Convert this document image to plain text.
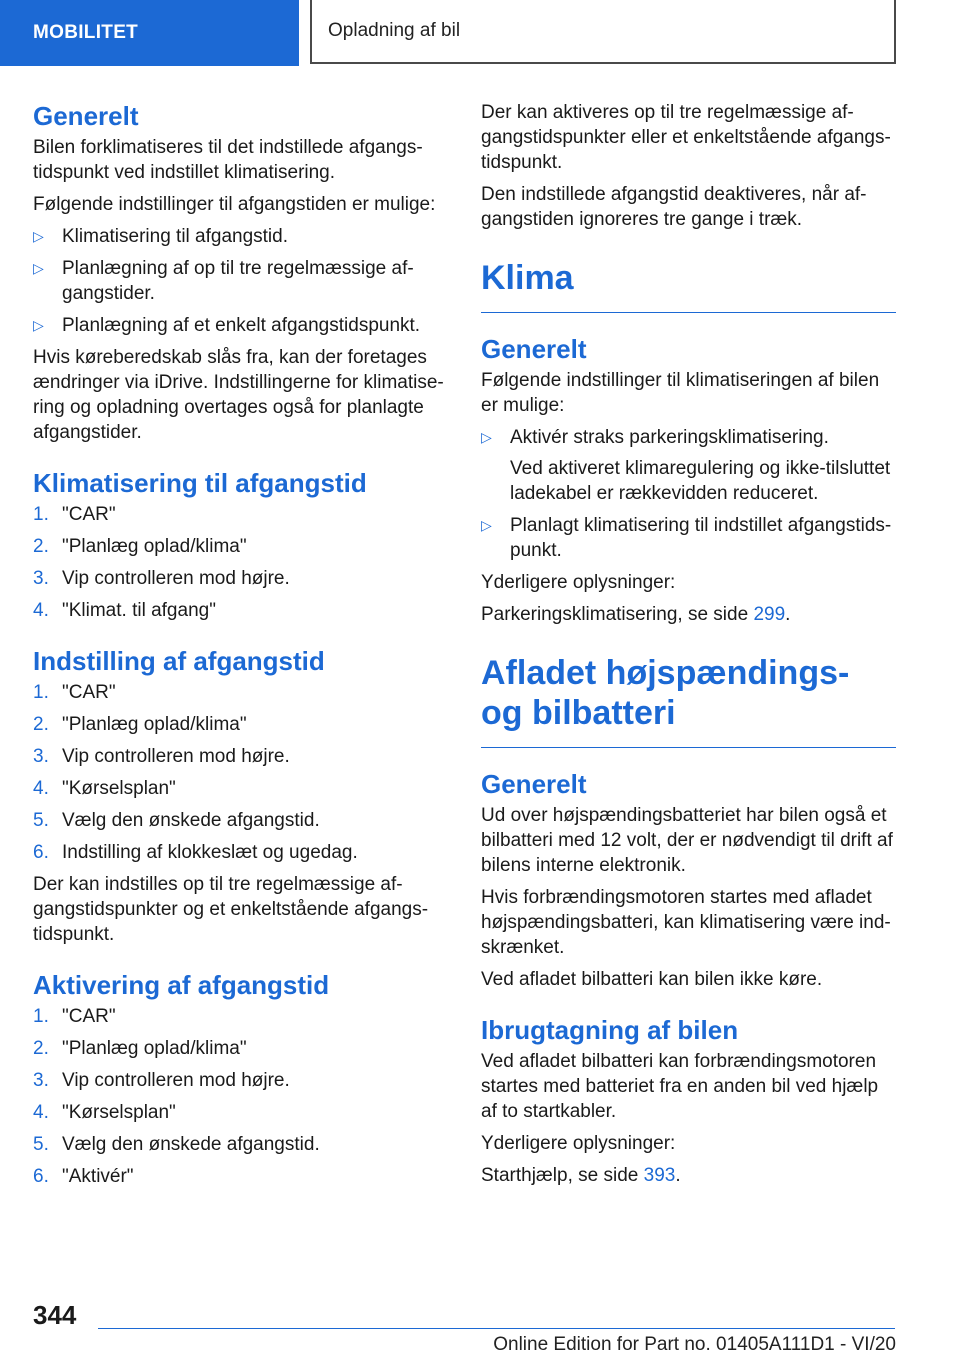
MOBILITET	Opladning af bil
Generelt

Bilen forklimatiseres til det indstillede afgangs-tidspunkt ved indstillet klimatisering.

Følgende indstillinger til afgangstiden er mulige:

▷ Klimatisering til afgangstid.
▷ Planlægning af op til tre regelmæssige af-gangstider.
▷ Planlægning af et enkelt afgangstidspunkt.

Hvis køreberedskab slås fra, kan der foretages ændringer via iDrive. Indstillingerne for klimatise-ring og opladning overtages også for planlagte afgangstider.

Klimatisering til afgangstid
1. "CAR"
2. "Planlæg oplad/klima"
3. Vip controlleren mod højre.
4. "Klimat. til afgang"
Indstilling af afgangstid
1. "CAR"
2. "Planlæg oplad/klima"
3. Vip controlleren mod højre.
4. "Kørselsplan"
5. Vælg den ønskede afgangstid.
6. Indstilling af klokkeslæt og ugedag.

Der kan indstilles op til tre regelmæssige af-gangstidspunkter og et enkeltstående afgangs-tidspunkt.

Aktivering af afgangstid
1. "CAR"
2. "Planlæg oplad/klima"
3. Vip controlleren mod højre.
4. "Kørselsplan"
5. Vælg den ønskede afgangstid.
6. "Aktivér"

Der kan aktiveres op til tre regelmæssige af-gangstidspunkter eller et enkeltstående afgangs-tidspunkt.

Den indstillede afgangstid deaktiveres, når af-gangstiden ignoreres tre gange i træk.

Klima
Generelt

Følgende indstillinger til klimatiseringen af bilen er mulige:

▷ Aktivér straks parkeringsklimatisering.
Ved aktiveret klimaregulering og ikke-tilsluttet ladekabel er rækkevidden reduceret.
▷ Planlagt klimatisering til indstillet afgangstids-punkt.

Yderligere oplysninger:

Parkeringsklimatisering, se side 299.

Afladet højspændings- og bilbatteri
Generelt

Ud over højspændingsbatteriet har bilen også et bilbatteri med 12 volt, der er nødvendigt til drift af bilens interne elektronik.

Hvis forbrændingsmotoren startes med afladet højspændingsbatteri, kan klimatisering være ind-skrænket.

Ved afladet bilbatteri kan bilen ikke køre.

Ibrugtagning af bilen

Ved afladet bilbatteri kan forbrændingsmotoren startes med batteriet fra en anden bil ved hjælp af to startkabler.

Yderligere oplysninger:

Starthjælp, se side 393.

344
Online Edition for Part no. 01405A111D1 - VI/20
